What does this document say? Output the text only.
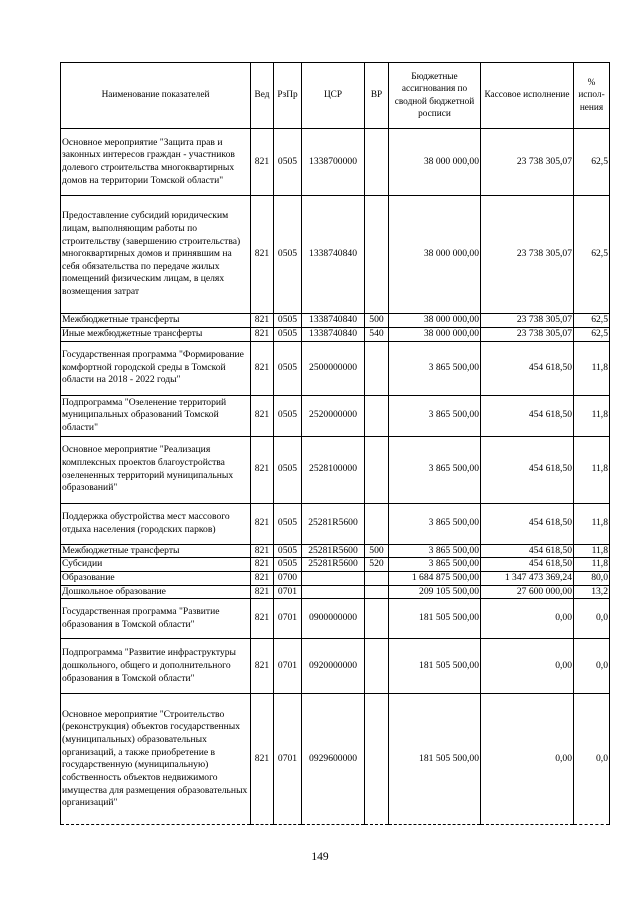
Наименование показателей	Вед	РзПр	ЦСР	ВР	Бюджетные ассигнования по сводной бюджетной росписи	Кассовое исполнение	% испол-нения
Основное мероприятие "Защита прав и законных интересов граждан - участников долевого строительства многоквартирных домов на территории Томской области"	821	0505	1338700000		38 000 000,00	23 738 305,07	62,5
Предоставление субсидий юридическим лицам, выполняющим работы по строительству (завершению строительства) многоквартирных домов и принявшим на себя обязательства по передаче жилых помещений физическим лицам, в целях возмещения затрат	821	0505	1338740840		38 000 000,00	23 738 305,07	62,5
Межбюджетные трансферты	821	0505	1338740840	500	38 000 000,00	23 738 305,07	62,5
Иные межбюджетные трансферты	821	0505	1338740840	540	38 000 000,00	23 738 305,07	62,5
Государственная программа "Формирование комфортной городской среды в Томской области на 2018 - 2022 годы"	821	0505	2500000000		3 865 500,00	454 618,50	11,8
Подпрограмма "Озеленение территорий муниципальных образований Томской области"	821	0505	2520000000		3 865 500,00	454 618,50	11,8
Основное мероприятие "Реализация комплексных проектов благоустройства озелененных территорий муниципальных образований"	821	0505	2528100000		3 865 500,00	454 618,50	11,8
Поддержка обустройства мест массового отдыха населения (городских парков)	821	0505	25281R5600		3 865 500,00	454 618,50	11,8
Межбюджетные трансферты	821	0505	25281R5600	500	3 865 500,00	454 618,50	11,8
Субсидии	821	0505	25281R5600	520	3 865 500,00	454 618,50	11,8
Образование	821	0700			1 684 875 500,00	1 347 473 369,24	80,0
Дошкольное образование	821	0701			209 105 500,00	27 600 000,00	13,2
Государственная программа "Развитие образования в Томской области"	821	0701	0900000000		181 505 500,00	0,00	0,0
Подпрограмма "Развитие инфраструктуры дошкольного, общего и дополнительного образования в Томской области"	821	0701	0920000000		181 505 500,00	0,00	0,0
Основное мероприятие "Строительство (реконструкция) объектов государственных (муниципальных) образовательных организаций, а также приобретение в государственную (муниципальную) собственность объектов недвижимого имущества для размещения образовательных организаций"	821	0701	0929600000		181 505 500,00	0,00	0,0
149
